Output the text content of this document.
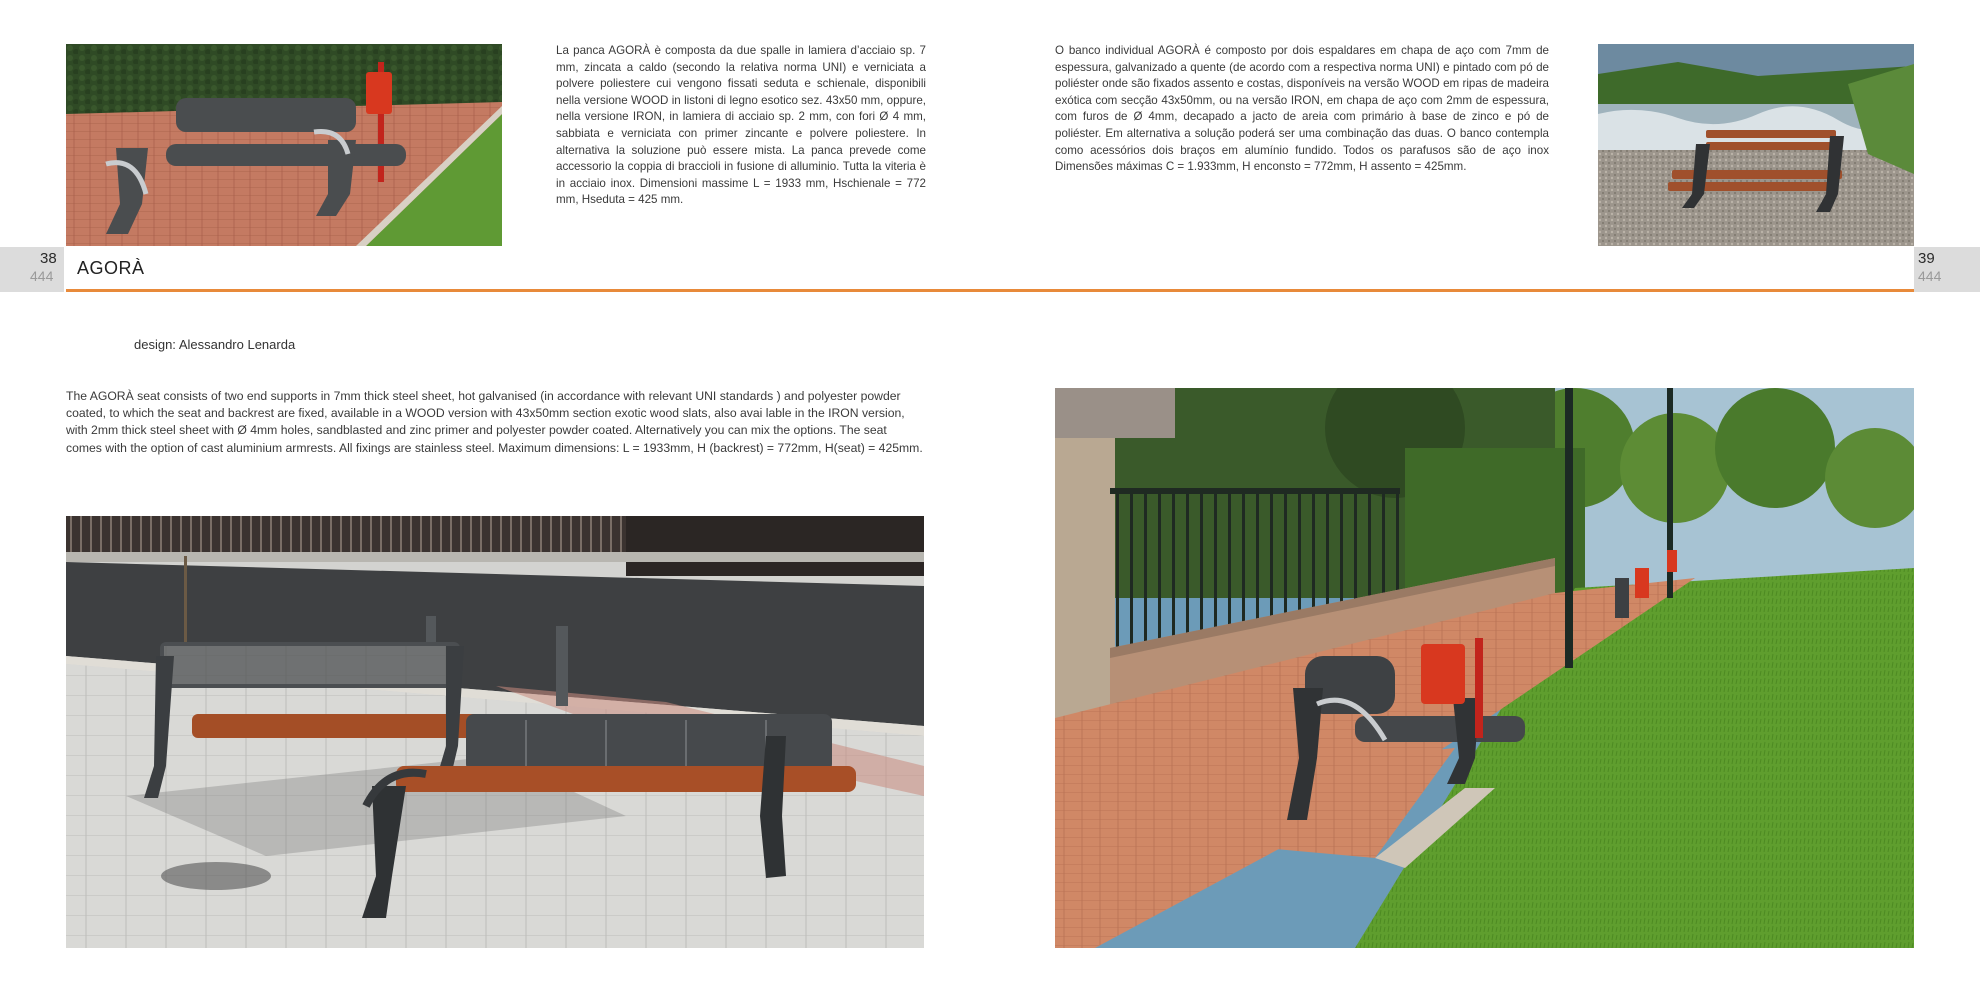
La panca AGORÀ è composta da due spalle in lamiera d’acciaio sp. 7 mm, zincata a caldo (secondo la relativa norma UNI) e verniciata a polvere poliestere cui vengono fissati seduta e schienale, disponibili nella versione WOOD in listoni di legno esotico sez. 43x50 mm, oppure, nella versione IRON, in lamiera di acciaio sp. 2 mm, con fori Ø 4 mm, sabbiata e verniciata con primer zincante e polvere poliestere. In alternativa la soluzione può essere mista. La panca prevede come accessorio la coppia di braccioli in fusione di alluminio. Tutta la viteria è in acciaio inox. Dimensioni massime L = 1933 mm, Hschienale = 772 mm, Hseduta = 425 mm.

O banco individual AGORÀ é composto por dois espaldares em chapa de aço com 7mm de espessura, galvanizado a quente (de acordo com a respectiva norma UNI) e pintado com pó de poliéster onde são fixados assento e costas, disponíveis na versão WOOD em ripas de madeira exótica com secção 43x50mm, ou na versão IRON, em chapa de aço com 2mm de espessura, com furos de Ø 4mm, decapado a jacto de areia com primário à base de zinco e pó de poliéster. Em alternativa a solução poderá ser uma combinação das duas. O banco contempla como acessórios dois braços em alumínio fundido. Todos os parafusos são de aço inox Dimensões máximas C = 1.933mm, H enconsto = 772mm, H assento = 425mm.

38
444
39
444
AGORÀ
design: Alessandro Lenarda

The AGORÀ seat consists of two end supports in 7mm thick steel sheet, hot galvanised (in accordance with relevant UNI standards ) and polyester powder coated, to which the seat and backrest are fixed, available in a WOOD version with 43x50mm section exotic wood slats, also avai lable in the IRON version, with 2mm thick steel sheet with Ø 4mm holes, sandblasted and zinc primer and polyester powder coated. Alternatively you can mix the options. The seat comes with the option of cast aluminium armrests. All fixings are stainless steel. Maximum dimensions: L = 1933mm, H (backrest) = 772mm, H(seat) = 425mm.
